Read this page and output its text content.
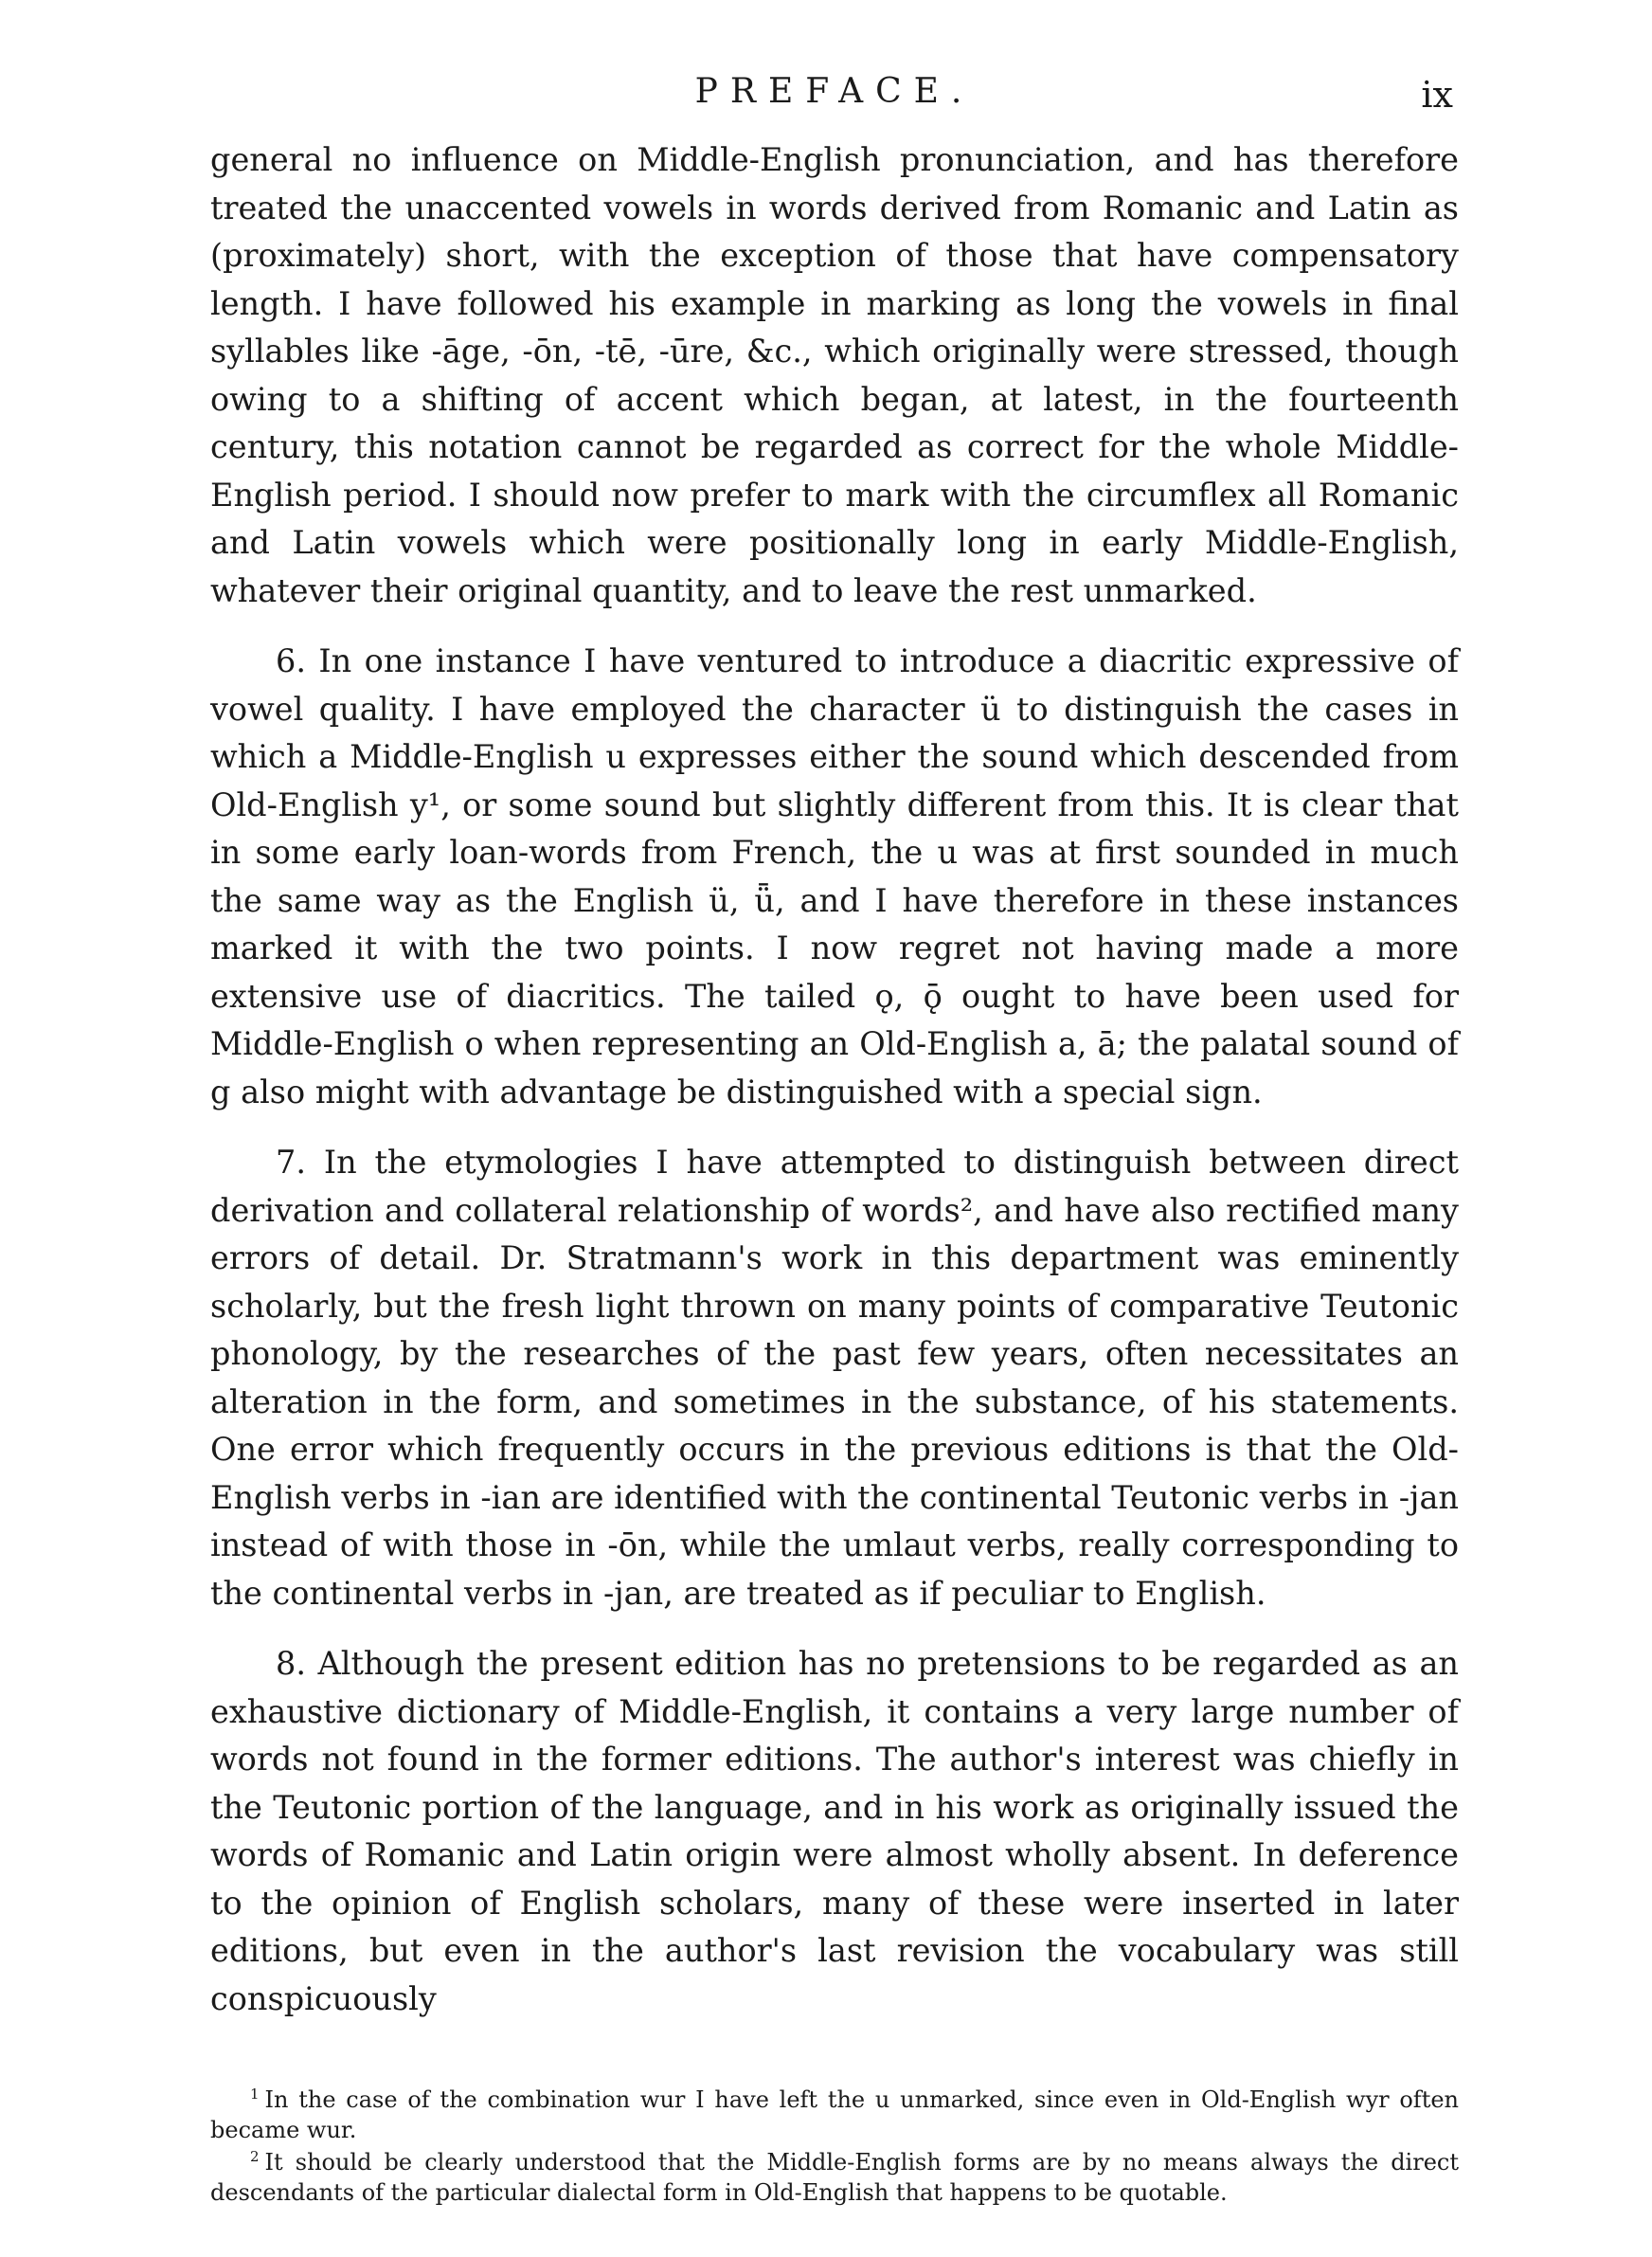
PREFACE.	ix

general no influence on Middle-English pronunciation, and has therefore treated the unaccented vowels in words derived from Romanic and Latin as (proximately) short, with the exception of those that have compensatory length. I have followed his example in marking as long the vowels in final syllables like -āge, -ōn, -tē, -ūre, &c., which originally were stressed, though owing to a shifting of accent which began, at latest, in the fourteenth century, this notation cannot be regarded as correct for the whole Middle-English period. I should now prefer to mark with the circumflex all Romanic and Latin vowels which were positionally long in early Middle-English, whatever their original quantity, and to leave the rest unmarked.

6. In one instance I have ventured to introduce a diacritic expressive of vowel quality. I have employed the character ü to distinguish the cases in which a Middle-English u expresses either the sound which descended from Old-English y¹, or some sound but slightly different from this. It is clear that in some early loan-words from French, the u was at first sounded in much the same way as the English ü, ǖ, and I have therefore in these instances marked it with the two points. I now regret not having made a more extensive use of diacritics. The tailed ǫ, ǭ ought to have been used for Middle-English o when representing an Old-English a, ā; the palatal sound of g also might with advantage be distinguished with a special sign.

7. In the etymologies I have attempted to distinguish between direct derivation and collateral relationship of words², and have also rectified many errors of detail. Dr. Stratmann's work in this department was eminently scholarly, but the fresh light thrown on many points of comparative Teutonic phonology, by the researches of the past few years, often necessitates an alteration in the form, and sometimes in the substance, of his statements. One error which frequently occurs in the previous editions is that the Old-English verbs in -ian are identified with the continental Teutonic verbs in -jan instead of with those in -ōn, while the umlaut verbs, really corresponding to the continental verbs in -jan, are treated as if peculiar to English.

8. Although the present edition has no pretensions to be regarded as an exhaustive dictionary of Middle-English, it contains a very large number of words not found in the former editions. The author's interest was chiefly in the Teutonic portion of the language, and in his work as originally issued the words of Romanic and Latin origin were almost wholly absent. In deference to the opinion of English scholars, many of these were inserted in later editions, but even in the author's last revision the vocabulary was still conspicuously

$^1$ In the case of the combination wur I have left the u unmarked, since even in Old-English wyr often became wur.

$^2$ It should be clearly understood that the Middle-English forms are by no means always the direct descendants of the particular dialectal form in Old-English that happens to be quotable.
